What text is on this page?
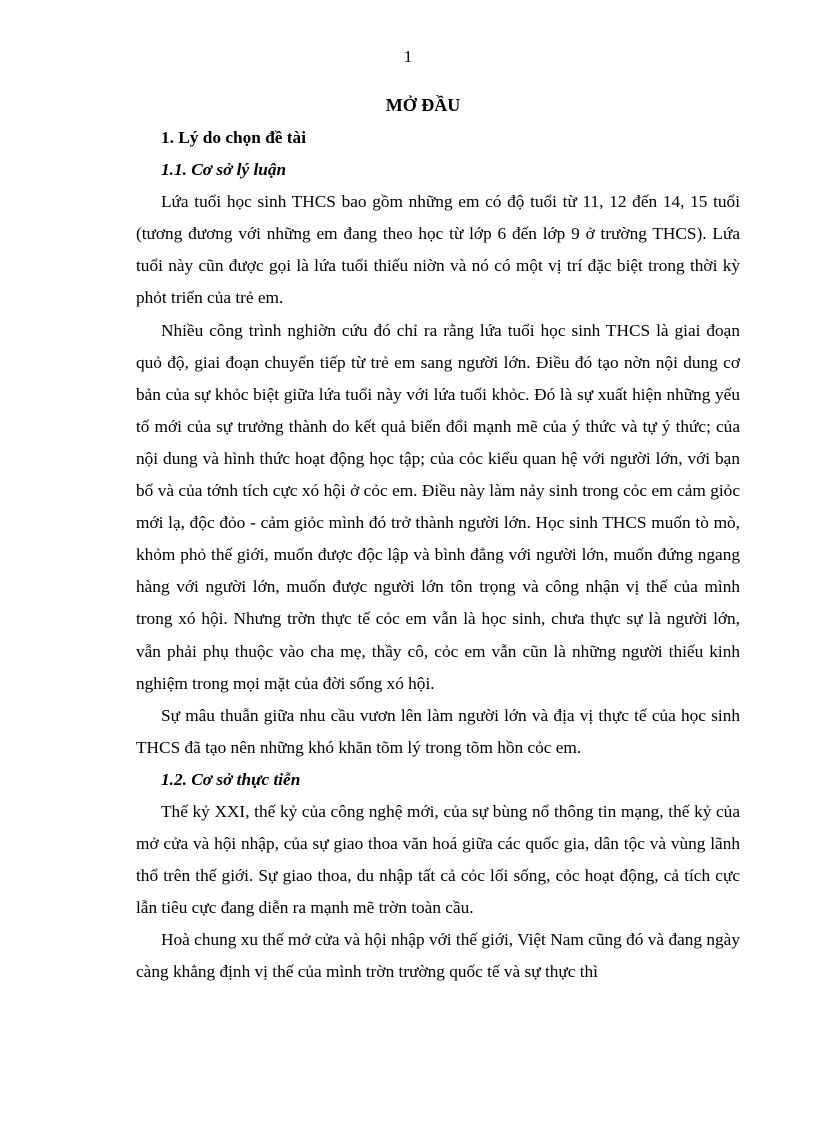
1
MỞ ĐẦU

1. Lý do chọn đề tài

1.1. Cơ sở lý luận

Lứa tuổi học sinh THCS bao gồm những em có độ tuổi từ 11, 12 đến 14, 15 tuổi (tương đương với những em đang theo học từ lớp 6 đến lớp 9 ở trường THCS). Lứa tuổi này cũn được gọi là lứa tuổi thiếu niờn và nó có một vị trí đặc biệt trong thời kỳ phỏt triển của trẻ em.

Nhiều công trình nghiờn cứu đó chỉ ra rằng lứa tuổi học sinh THCS là giai đoạn quỏ độ, giai đoạn chuyển tiếp từ trẻ em sang người lớn. Điều đó tạo nờn nội dung cơ bản của sự khỏc biệt giữa lứa tuổi này với lứa tuổi khỏc. Đó là sự xuất hiện những yếu tố mới của sự trưởng thành do kết quả biến đổi mạnh mẽ của ý thức và tự ý thức; của nội dung và hình thức hoạt động học tập; của cỏc kiểu quan hệ với người lớn, với bạn bố và của tớnh tích cực xó hội ở cỏc em. Điều này làm nảy sinh trong cỏc em cảm giỏc mới lạ, độc đỏo - cảm giỏc mình đó trở thành người lớn. Học sinh THCS muốn tò mò, khỏm phỏ thế giới, muốn được độc lập và bình đẳng với người lớn, muốn đứng ngang hàng với người lớn, muốn được người lớn tôn trọng và công nhận vị thế của mình trong xó hội. Nhưng trờn thực tế cỏc em vẫn là học sinh, chưa thực sự là người lớn, vẫn phải phụ thuộc vào cha mẹ, thầy cô, cỏc em vẫn cũn là những người thiếu kinh nghiệm trong mọi mặt của đời sống xó hội.

Sự mâu thuẫn giữa nhu cầu vươn lên làm người lớn và địa vị thực tế của học sinh THCS đã tạo nên những khó khăn tõm lý trong tõm hồn cỏc em.

1.2. Cơ sở thực tiễn

Thế kỷ XXI, thế kỷ của công nghệ mới, của sự bùng nổ thông tin mạng, thế kỷ của mở cửa và hội nhập, của sự giao thoa văn hoá giữa các quốc gia, dân tộc và vùng lãnh thổ trên thế giới. Sự giao thoa, du nhập tất cả cỏc lối sống, cỏc hoạt động, cả tích cực lẫn tiêu cực đang diễn ra mạnh mẽ trờn toàn cầu.

Hoà chung xu thế mở cửa và hội nhập với thế giới, Việt Nam cũng đó và đang ngày càng khẳng định vị thế của mình trờn trường quốc tế và sự thực thì
